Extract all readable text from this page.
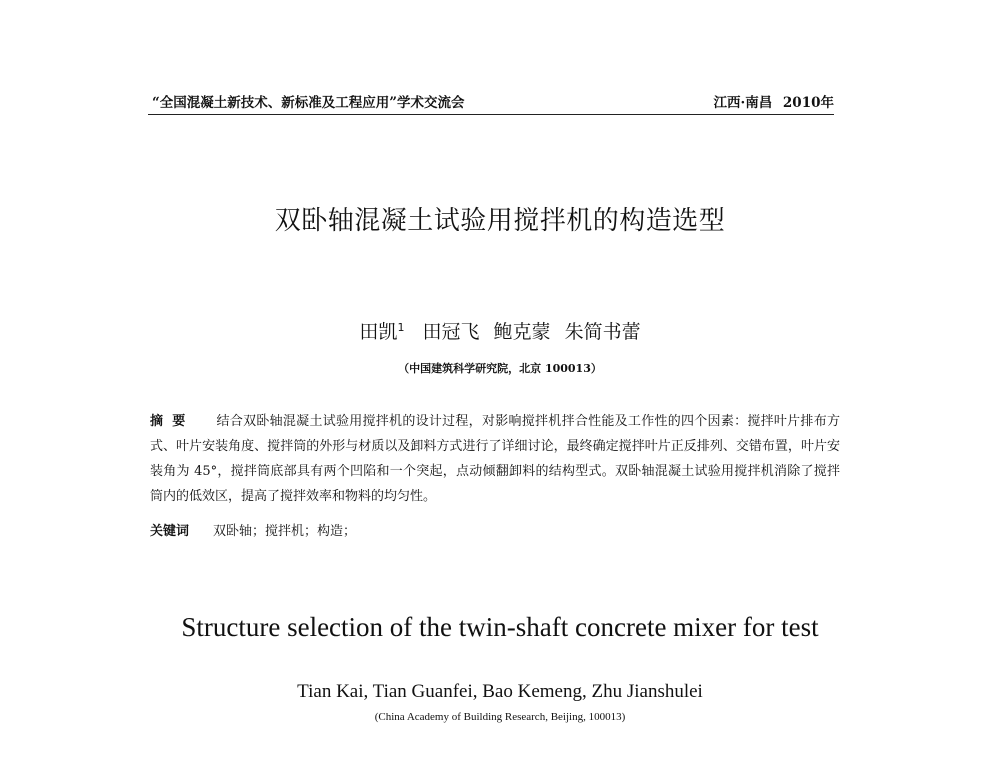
“全国混凝土新技术、新标准及工程应用”学术交流会	江西·南昌 2010年
双卧轴混凝土试验用搅拌机的构造选型
田凯$^1$ 田冠飞 鲍克蒙 朱简书蕾
（中国建筑科学研究院，北京 100013）
摘要 结合双卧轴混凝土试验用搅拌机的设计过程，对影响搅拌机拌合性能及工作性的四个因素：搅拌叶片排布方式、叶片安装角度、搅拌筒的外形与材质以及卸料方式进行了详细讨论，最终确定搅拌叶片正反排列、交错布置，叶片安装角为 45°，搅拌筒底部具有两个凹陷和一个突起，点动倾翻卸料的结构型式。双卧轴混凝土试验用搅拌机消除了搅拌筒内的低效区，提高了搅拌效率和物料的均匀性。
关键词 双卧轴；搅拌机；构造；
Structure selection of the twin-shaft concrete mixer for test
Tian Kai, Tian Guanfei, Bao Kemeng, Zhu Jianshulei
(China Academy of Building Research, Beijing, 100013)
